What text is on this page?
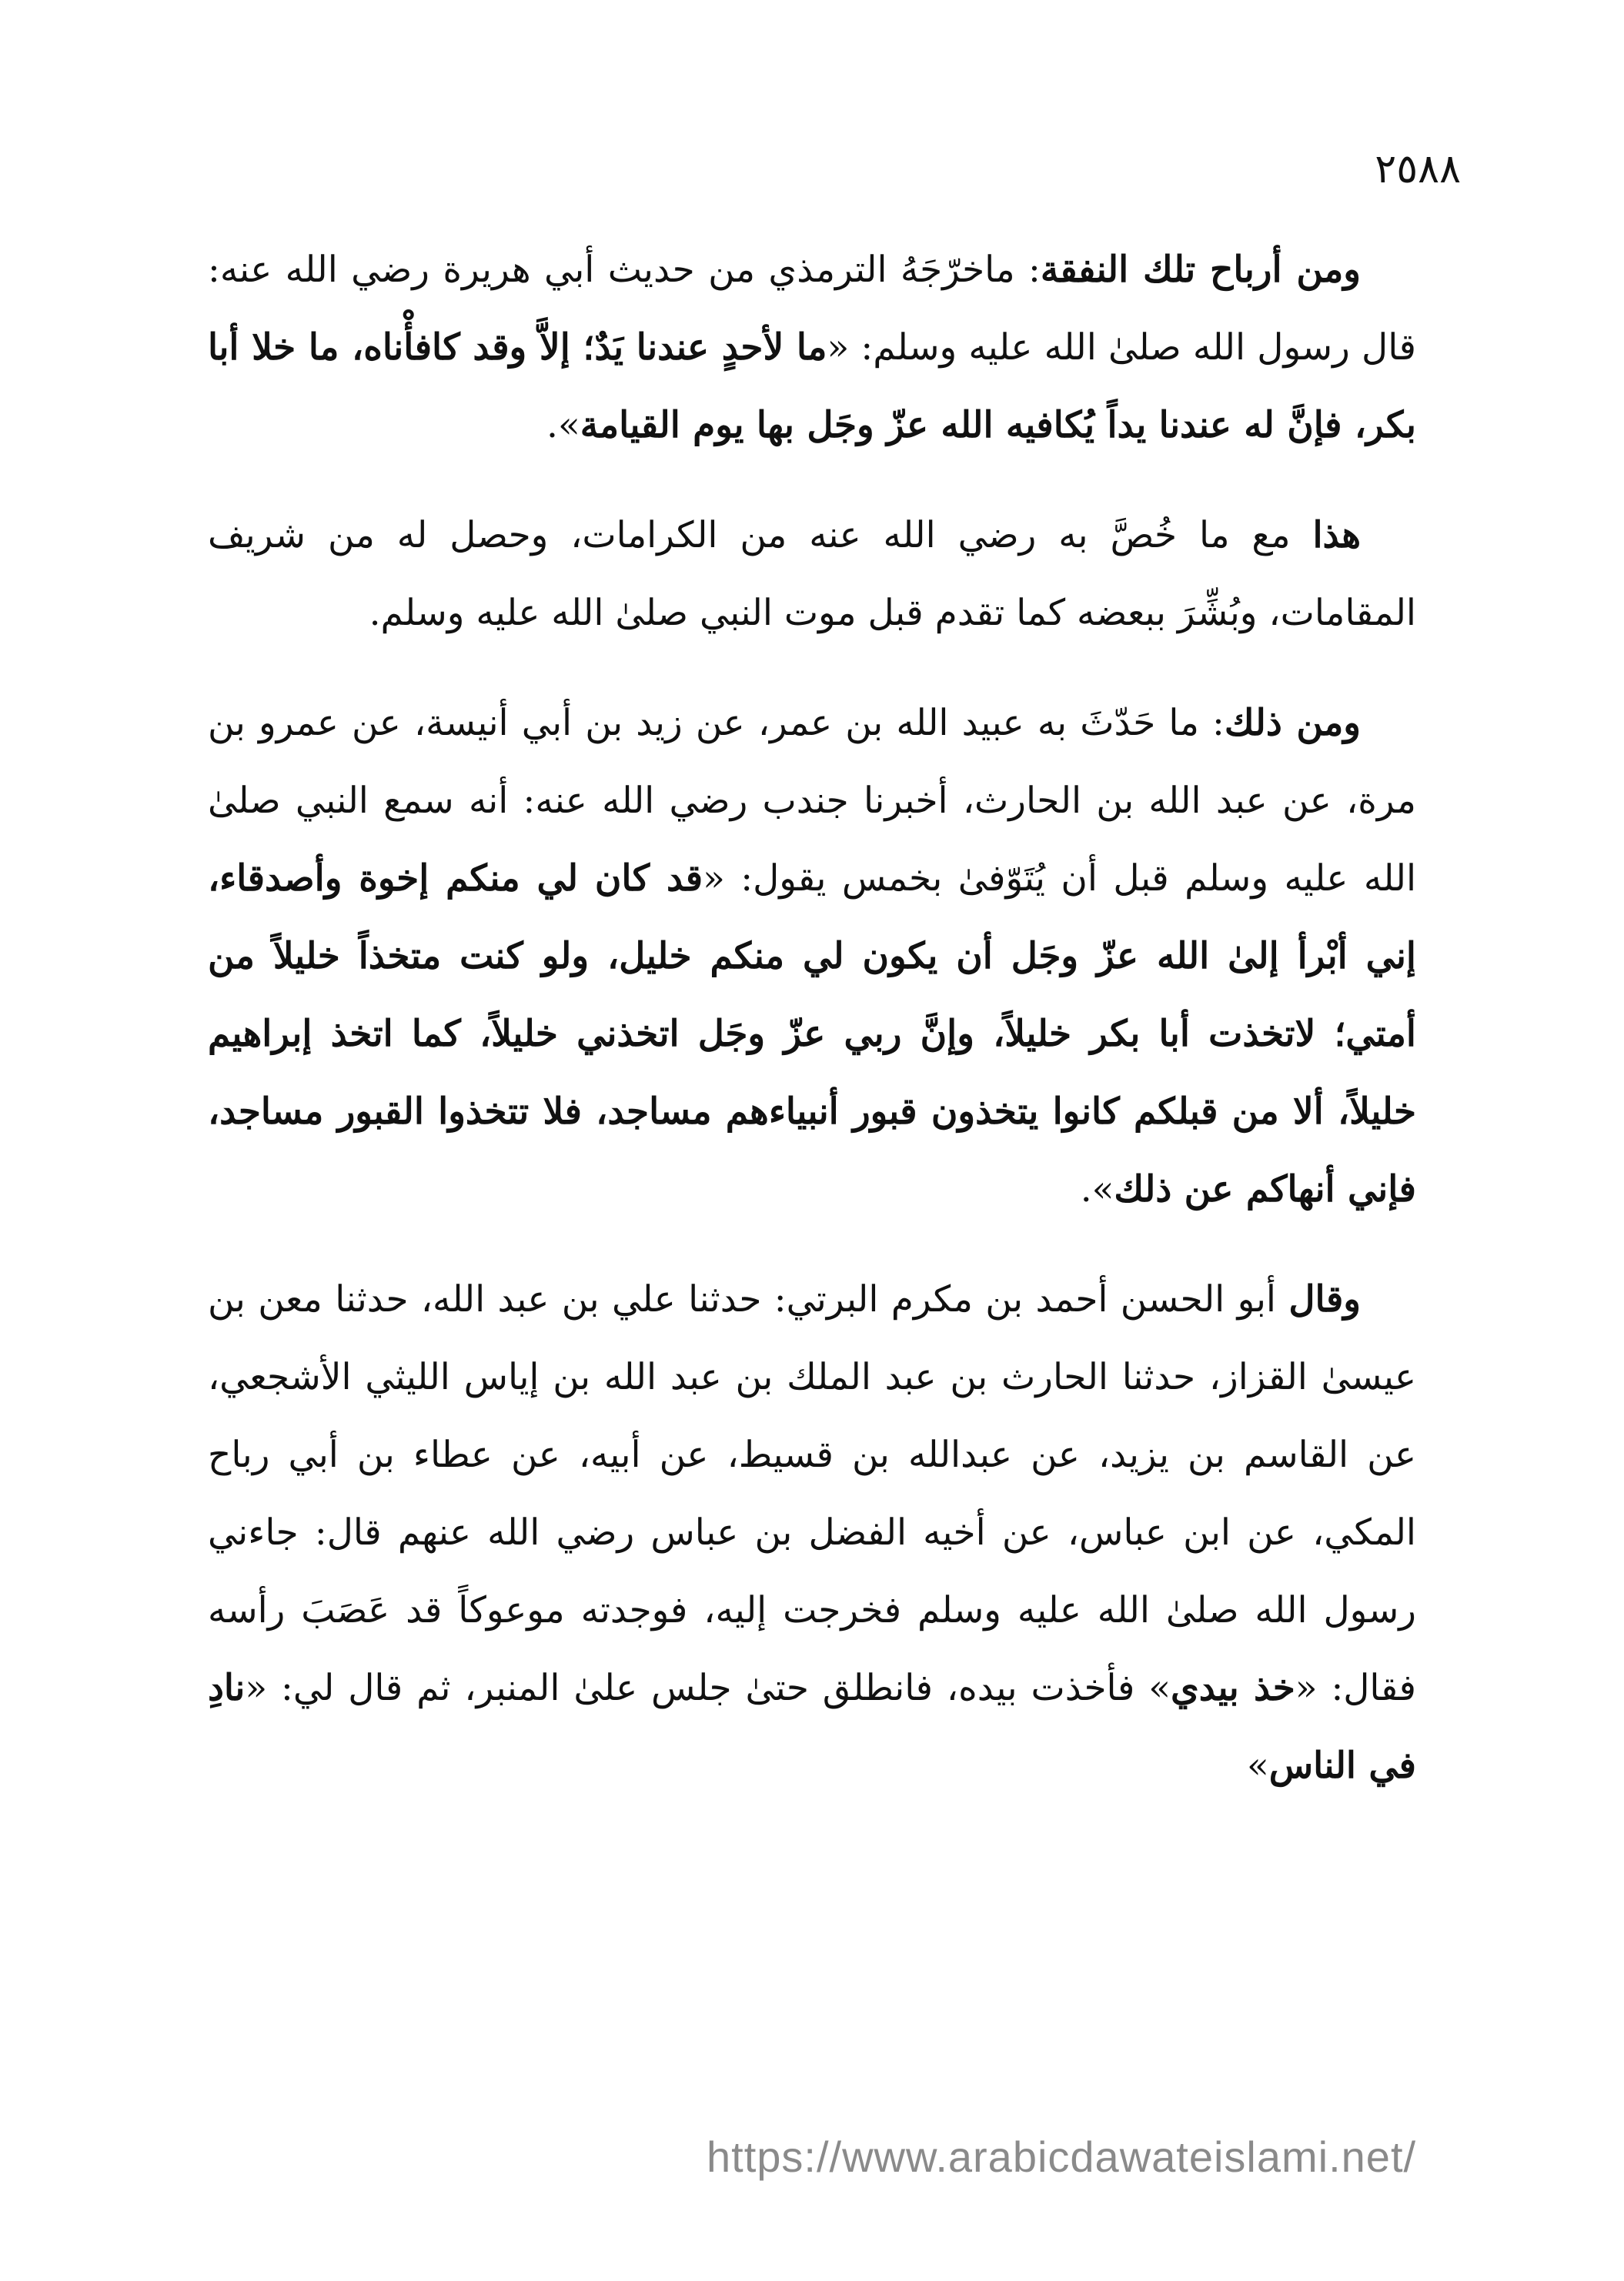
٢٥٨٨

ومن أرباح تلك النفقة: ماخرّجَهُ الترمذي من حديث أبي هريرة رضي الله عنه: قال رسول الله صلىٰ الله عليه وسلم: «ما لأحدٍ عندنا يَدٌ؛ إلاَّ وقد كافأْناه، ما خلا أبا بكر، فإنَّ له عندنا يداً يُكافيه الله عزّ وجَل بها يوم القيامة».

هذا مع ما خُصَّ به رضي الله عنه من الكرامات، وحصل له من شريف المقامات، وبُشِّرَ ببعضه كما تقدم قبل موت النبي صلىٰ الله عليه وسلم.

ومن ذلك: ما حَدّثَ به عبيد الله بن عمر، عن زيد بن أبي أنيسة، عن عمرو بن مرة، عن عبد الله بن الحارث، أخبرنا جندب رضي الله عنه: أنه سمع النبي صلىٰ الله عليه وسلم قبل أن يُتَوّفىٰ بخمس يقول: «قد كان لي منكم إخوة وأصدقاء، إني أبْرأ إلىٰ الله عزّ وجَل أن يكون لي منكم خليل، ولو كنت متخذاً خليلاً من أمتي؛ لاتخذت أبا بكر خليلاً، وإنَّ ربي عزّ وجَل اتخذني خليلاً، كما اتخذ إبراهيم خليلاً، ألا من قبلكم كانوا يتخذون قبور أنبياءهم مساجد، فلا تتخذوا القبور مساجد، فإني أنهاكم عن ذلك».

وقال أبو الحسن أحمد بن مكرم البرتي: حدثنا علي بن عبد الله، حدثنا معن بن عيسىٰ القزاز، حدثنا الحارث بن عبد الملك بن عبد الله بن إياس الليثي الأشجعي، عن القاسم بن يزيد، عن عبدالله بن قسيط، عن أبيه، عن عطاء بن أبي رباح المكي، عن ابن عباس، عن أخيه الفضل بن عباس رضي الله عنهم قال: جاءني رسول الله صلىٰ الله عليه وسلم فخرجت إليه، فوجدته موعوكاً قد عَصَبَ رأسه فقال: «خذ بيدي» فأخذت بيده، فانطلق حتىٰ جلس علىٰ المنبر، ثم قال لي: «نادِ في الناس»

https://www.arabicdawateislami.net/
